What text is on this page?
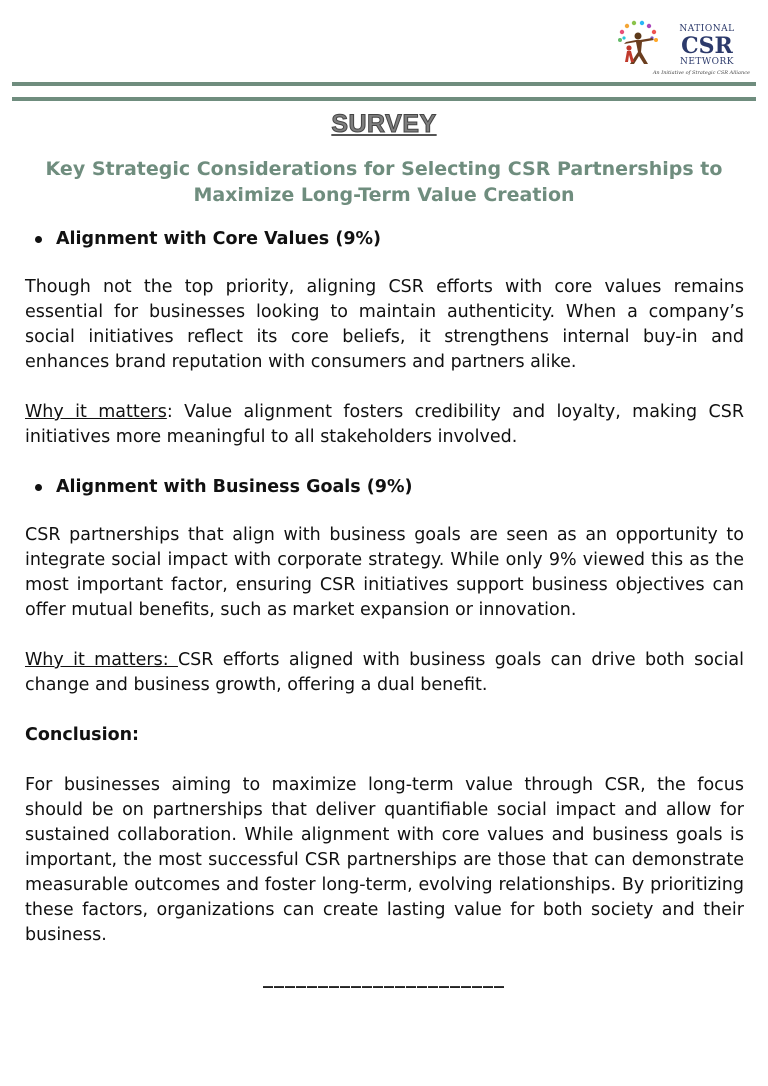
NATIONAL
CSR
NETWORK
An Initiative of Strategic CSR Alliance
SURVEY
Key Strategic Considerations for Selecting CSR Partnerships to Maximize Long-Term Value Creation
Alignment with Core Values (9%)

Though not the top priority, aligning CSR efforts with core values remains essential for businesses looking to maintain authenticity. When a company’s social initiatives reflect its core beliefs, it strengthens internal buy-in and enhances brand reputation with consumers and partners alike.

Why it matters: Value alignment fosters credibility and loyalty, making CSR initiatives more meaningful to all stakeholders involved.

Alignment with Business Goals (9%)

CSR partnerships that align with business goals are seen as an opportunity to integrate social impact with corporate strategy. While only 9% viewed this as the most important factor, ensuring CSR initiatives support business objectives can offer mutual benefits, such as market expansion or innovation.

Why it matters: CSR efforts aligned with business goals can drive both social change and business growth, offering a dual benefit.

Conclusion:

For businesses aiming to maximize long-term value through CSR, the focus should be on partnerships that deliver quantifiable social impact and allow for sustained collaboration. While alignment with core values and business goals is important, the most successful CSR partnerships are those that can demonstrate measurable outcomes and foster long-term, evolving relationships. By prioritizing these factors, organizations can create lasting value for both society and their business.

______________________
